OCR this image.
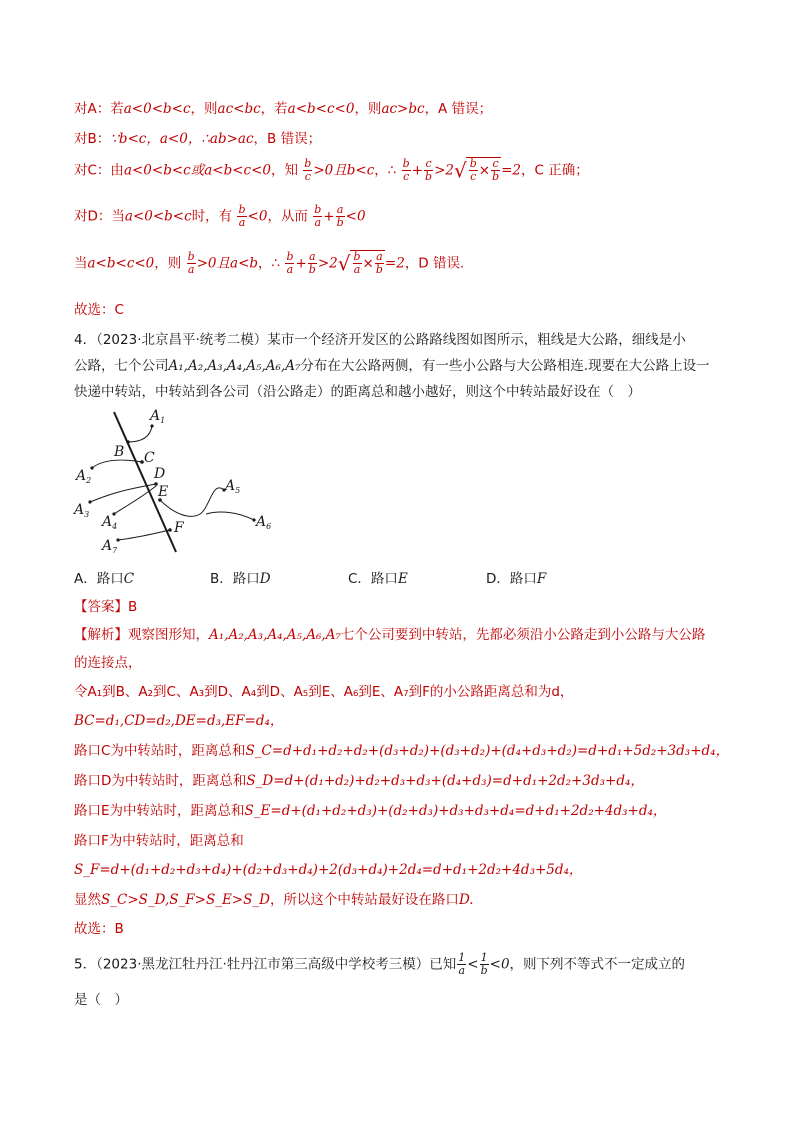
对A：若a<0<b<c，则ac<bc，若a<b<c<0，则ac>bc，A 错误；
对B：∵b<c，a<0，∴ab>ac，B 错误；
对C：由a<0<b<c或a<b<c<0，知 $\frac{b}{c} >0$且b<c，∴ $\frac{b}{c} + \frac{c}{b} >2√ \frac{b}{c} \times \frac{c}{b} =2$，C 正确；
对D：当a<0<b<c时，有 $\frac{b}{a} <0$，从而 $\frac{b}{a} + \frac{a}{b} <0$
当a<b<c<0，则 $\frac{b}{a} >0$且a<b，∴ $\frac{b}{a} + \frac{a}{b} >2√ \frac{b}{a} \times \frac{a}{b} =2$，D 错误.
故选：C
4．（2023·北京昌平·统考二模）某市一个经济开发区的公路路线图如图所示，粗线是大公路，细线是小
公路，七个公司A₁,A₂,A₃,A₄,A₅,A₆,A₇分布在大公路两侧，有一些小公路与大公路相连.现要在大公路上设一
快递中转站，中转站到各公司（沿公路走）的距离总和越小越好，则这个中转站最好设在（　）
$A_1$
B C
D
E
$A_2$	$A_5$
$A_3$ $A_4$	$A_6$
F
$A_7$
A．路口C	B．路口D	C．路口E	D．路口F
【答案】B
【解析】观察图形知，A₁,A₂,A₃,A₄,A₅,A₆,A₇七个公司要到中转站，先都必须沿小公路走到小公路与大公路
的连接点，
令A₁到B、A₂到C、A₃到D、A₄到D、A₅到E、A₆到E、A₇到F的小公路距离总和为d，
BC=d₁,CD=d₂,DE=d₃,EF=d₄，
路口C为中转站时，距离总和S_C=d+d₁+d₂+d₂+(d₃+d₂)+(d₃+d₂)+(d₄+d₃+d₂)=d+d₁+5d₂+3d₃+d₄，
路口D为中转站时，距离总和S_D=d+(d₁+d₂)+d₂+d₃+d₃+(d₄+d₃)=d+d₁+2d₂+3d₃+d₄，
路口E为中转站时，距离总和S_E=d+(d₁+d₂+d₃)+(d₂+d₃)+d₃+d₃+d₄=d+d₁+2d₂+4d₃+d₄，
路口F为中转站时，距离总和
S_F=d+(d₁+d₂+d₃+d₄)+(d₂+d₃+d₄)+2(d₃+d₄)+2d₄=d+d₁+2d₂+4d₃+5d₄，
显然S_C>S_D,S_F>S_E>S_D，所以这个中转站最好设在路口D.
故选：B
5．（2023·黑龙江牡丹江·牡丹江市第三高级中学校考三模）已知 $\frac{1}{a} < \frac{1}{b} <0$，则下列不等式不一定成立的
是（　）
